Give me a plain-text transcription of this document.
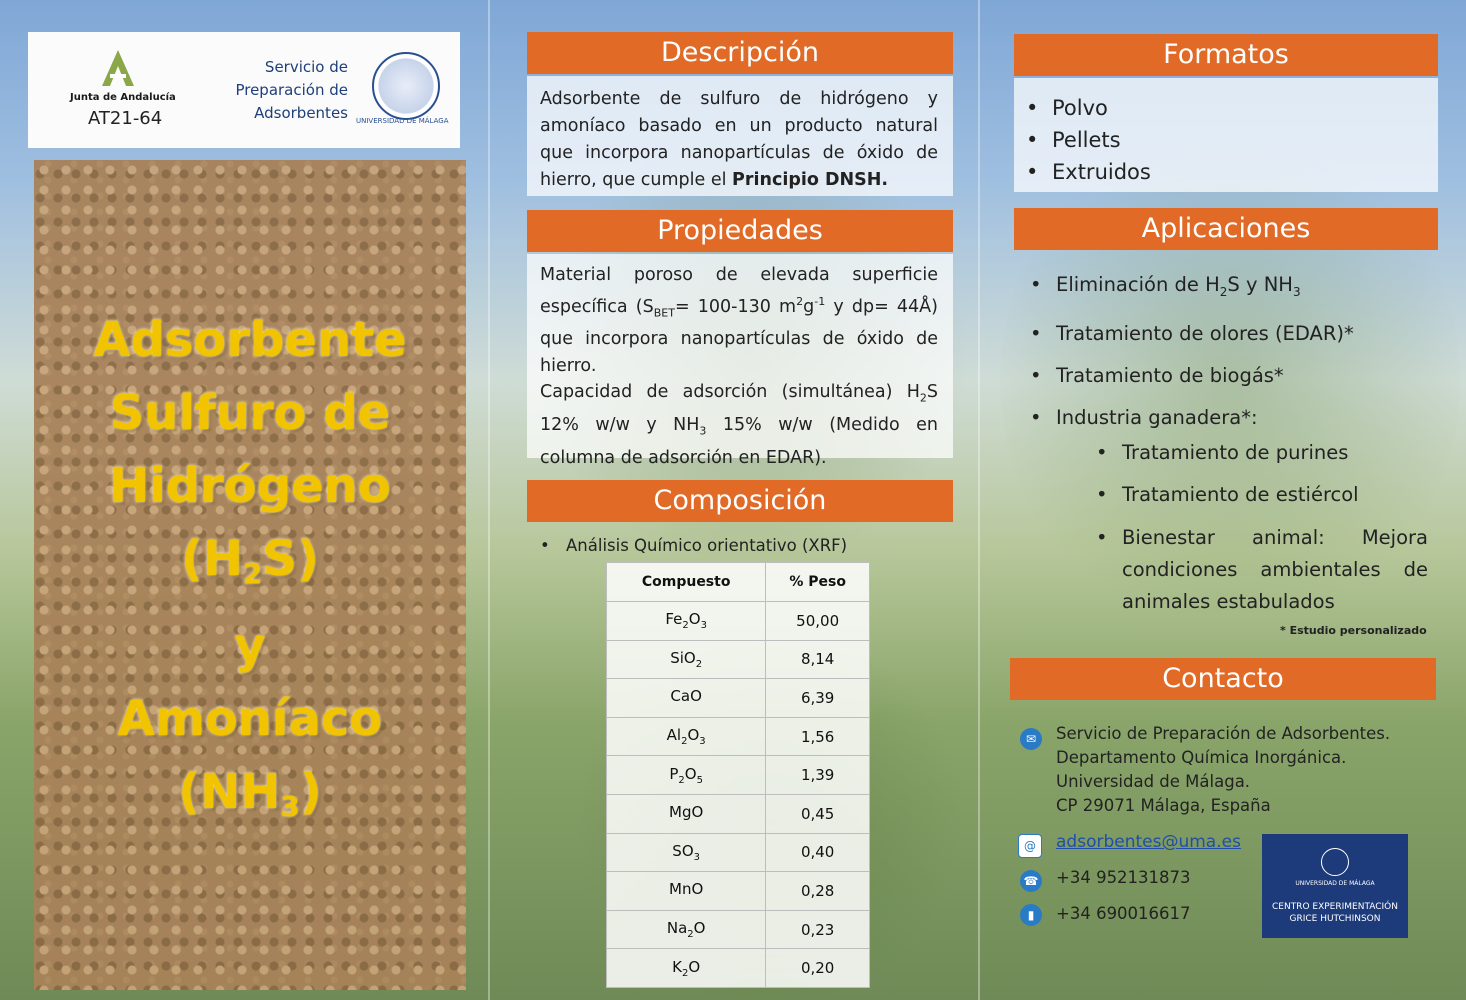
Junta de Andalucía
AT21-64
Servicio de
Preparación de
Adsorbentes UNIVERSIDAD DE MÁLAGA
Adsorbente
Sulfuro de
Hidrógeno
$(H_2S)$
y
Amoníaco
$(NH_3)$
Descripción
Adsorbente de sulfuro de hidrógeno y amoníaco basado en un producto natural que incorpora nanopartículas de óxido de hierro, que cumple el Principio DNSH.
Propiedades
Material poroso de elevada superficie específica ($S_{BET}= 100-130$ $m^2g^{-1}$ y dp= 44Å) que incorpora nanopartículas de óxido de hierro.
Capacidad de adsorción (simultánea) $H_2S$ 12% w/w y $NH_3$ 15% w/w (Medido en columna de adsorción en EDAR).
Composición
• Análisis Químico orientativo (XRF)
Compuesto	% Peso
$Fe_2O_3$	50,00
SiO$_2$	8,14
CaO	6,39
$Al_2O_3$	1,56
$P_2O_5$	1,39
MgO	0,45
$SO_3$	0,40
MnO	0,28
$Na_2O$	0,23
$K_2O$	0,20
Formatos
• Polvo
• Pellets
• Extruidos
Aplicaciones
• Eliminación de $H_2S$ y $NH_3$
• Tratamiento de olores (EDAR)*
• Tratamiento de biogás*
• Industria ganadera*:
• Tratamiento de purines
• Tratamiento de estiércol
• Bienestar animal: Mejora condiciones ambientales de animales estabulados
* Estudio personalizado
Contacto
✉	Servicio de Preparación de Adsorbentes.
Departamento Química Inorgánica.
Universidad de Málaga.
CP 29071 Málaga, España
@	adsorbentes@uma.es
☎ +34 952131873
▮	+34 690016617
UNIVERSIDAD DE MÁLAGA
CENTRO EXPERIMENTACIÓN
GRICE HUTCHINSON
